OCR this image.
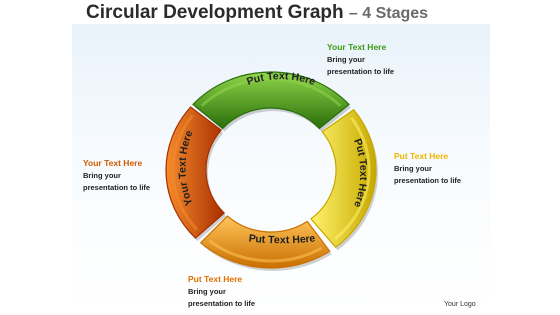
Circular Development Graph – 4 Stages
Put Text Here
Put Text Here
Put Text Here
Your Text Here
Your Text Here
Bring your
presentation to life
Put Text Here
Bring your
presentation to life
Put Text Here
Bring your
presentation to life
Your Text Here
Bring your
presentation to life
Your Logo
